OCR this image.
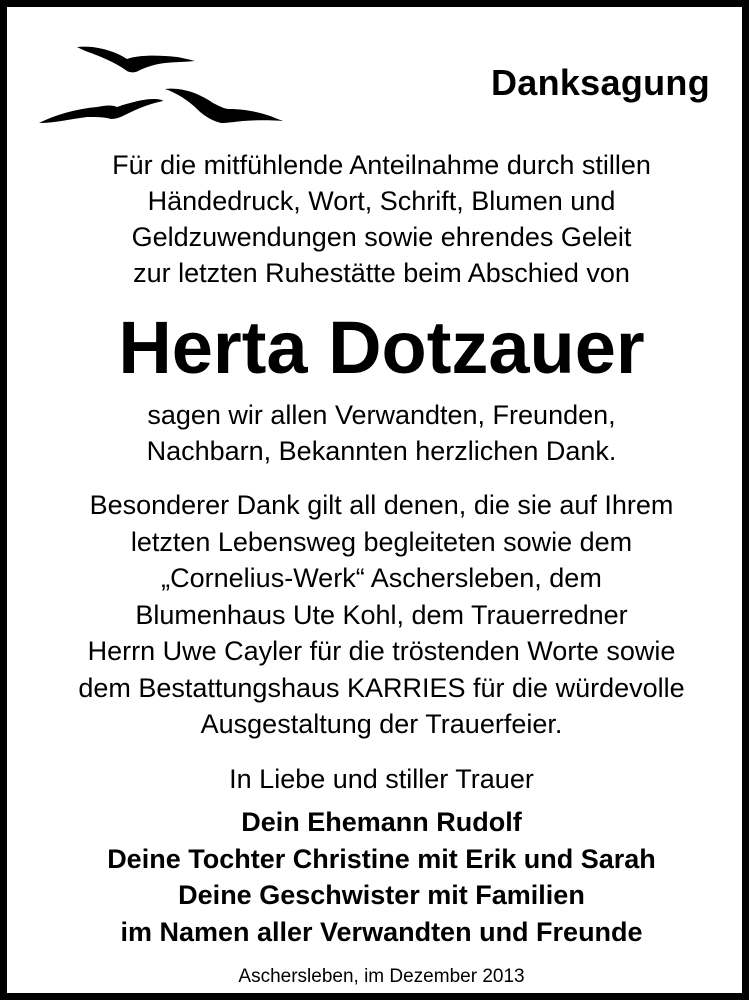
Danksagung
Für die mitfühlende Anteilnahme durch stillen
Händedruck, Wort, Schrift, Blumen und
Geldzuwendungen sowie ehrendes Geleit
zur letzten Ruhestätte beim Abschied von
Herta Dotzauer
sagen wir allen Verwandten, Freunden,
Nachbarn, Bekannten herzlichen Dank.
Besonderer Dank gilt all denen, die sie auf Ihrem
letzten Lebensweg begleiteten sowie dem
„Cornelius-Werk“ Aschersleben, dem
Blumenhaus Ute Kohl, dem Trauerredner
Herrn Uwe Cayler für die tröstenden Worte sowie
dem Bestattungshaus KARRIES für die würdevolle
Ausgestaltung der Trauerfeier.
In Liebe und stiller Trauer
Dein Ehemann Rudolf
Deine Tochter Christine mit Erik und Sarah
Deine Geschwister mit Familien
im Namen aller Verwandten und Freunde
Aschersleben, im Dezember 2013
